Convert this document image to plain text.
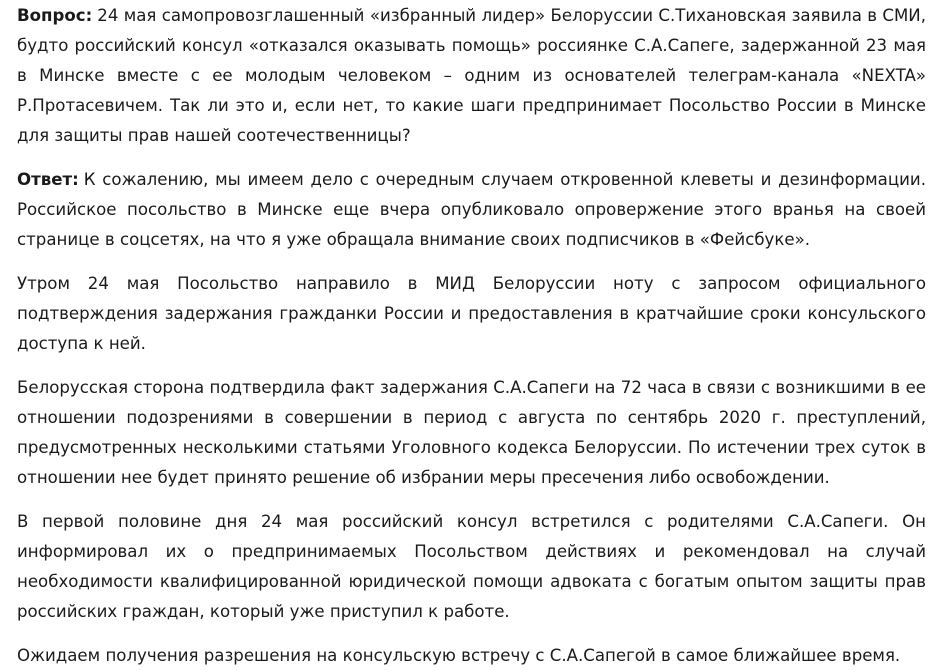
Вопрос: 24 мая самопровозглашенный «избранный лидер» Белоруссии С.Тихановская заявила в СМИ, будто российский консул «отказался оказывать помощь» россиянке С.А.Сапеге, задержанной 23 мая в Минске вместе с ее молодым человеком – одним из основателей телеграм-канала «NEXTA» Р.Протасевичем. Так ли это и, если нет, то какие шаги предпринимает Посольство России в Минске для защиты прав нашей соотечественницы?

Ответ: К сожалению, мы имеем дело с очередным случаем откровенной клеветы и дезинформации. Российское посольство в Минске еще вчера опубликовало опровержение этого вранья на своей странице в соцсетях, на что я уже обращала внимание своих подписчиков в «Фейсбуке».

Утром 24 мая Посольство направило в МИД Белоруссии ноту с запросом официального подтверждения задержания гражданки России и предоставления в кратчайшие сроки консульского доступа к ней.

Белорусская сторона подтвердила факт задержания С.А.Сапеги на 72 часа в связи с возникшими в ее отношении подозрениями в совершении в период с августа по сентябрь 2020 г. преступлений, предусмотренных несколькими статьями Уголовного кодекса Белоруссии. По истечении трех суток в отношении нее будет принято решение об избрании меры пресечения либо освобождении.

В первой половине дня 24 мая российский консул встретился с родителями С.А.Сапеги. Он информировал их о предпринимаемых Посольством действиях и рекомендовал на случай необходимости квалифицированной юридической помощи адвоката с богатым опытом защиты прав российских граждан, который уже приступил к работе.

Ожидаем получения разрешения на консульскую встречу с С.А.Сапегой в самое ближайшее время.
